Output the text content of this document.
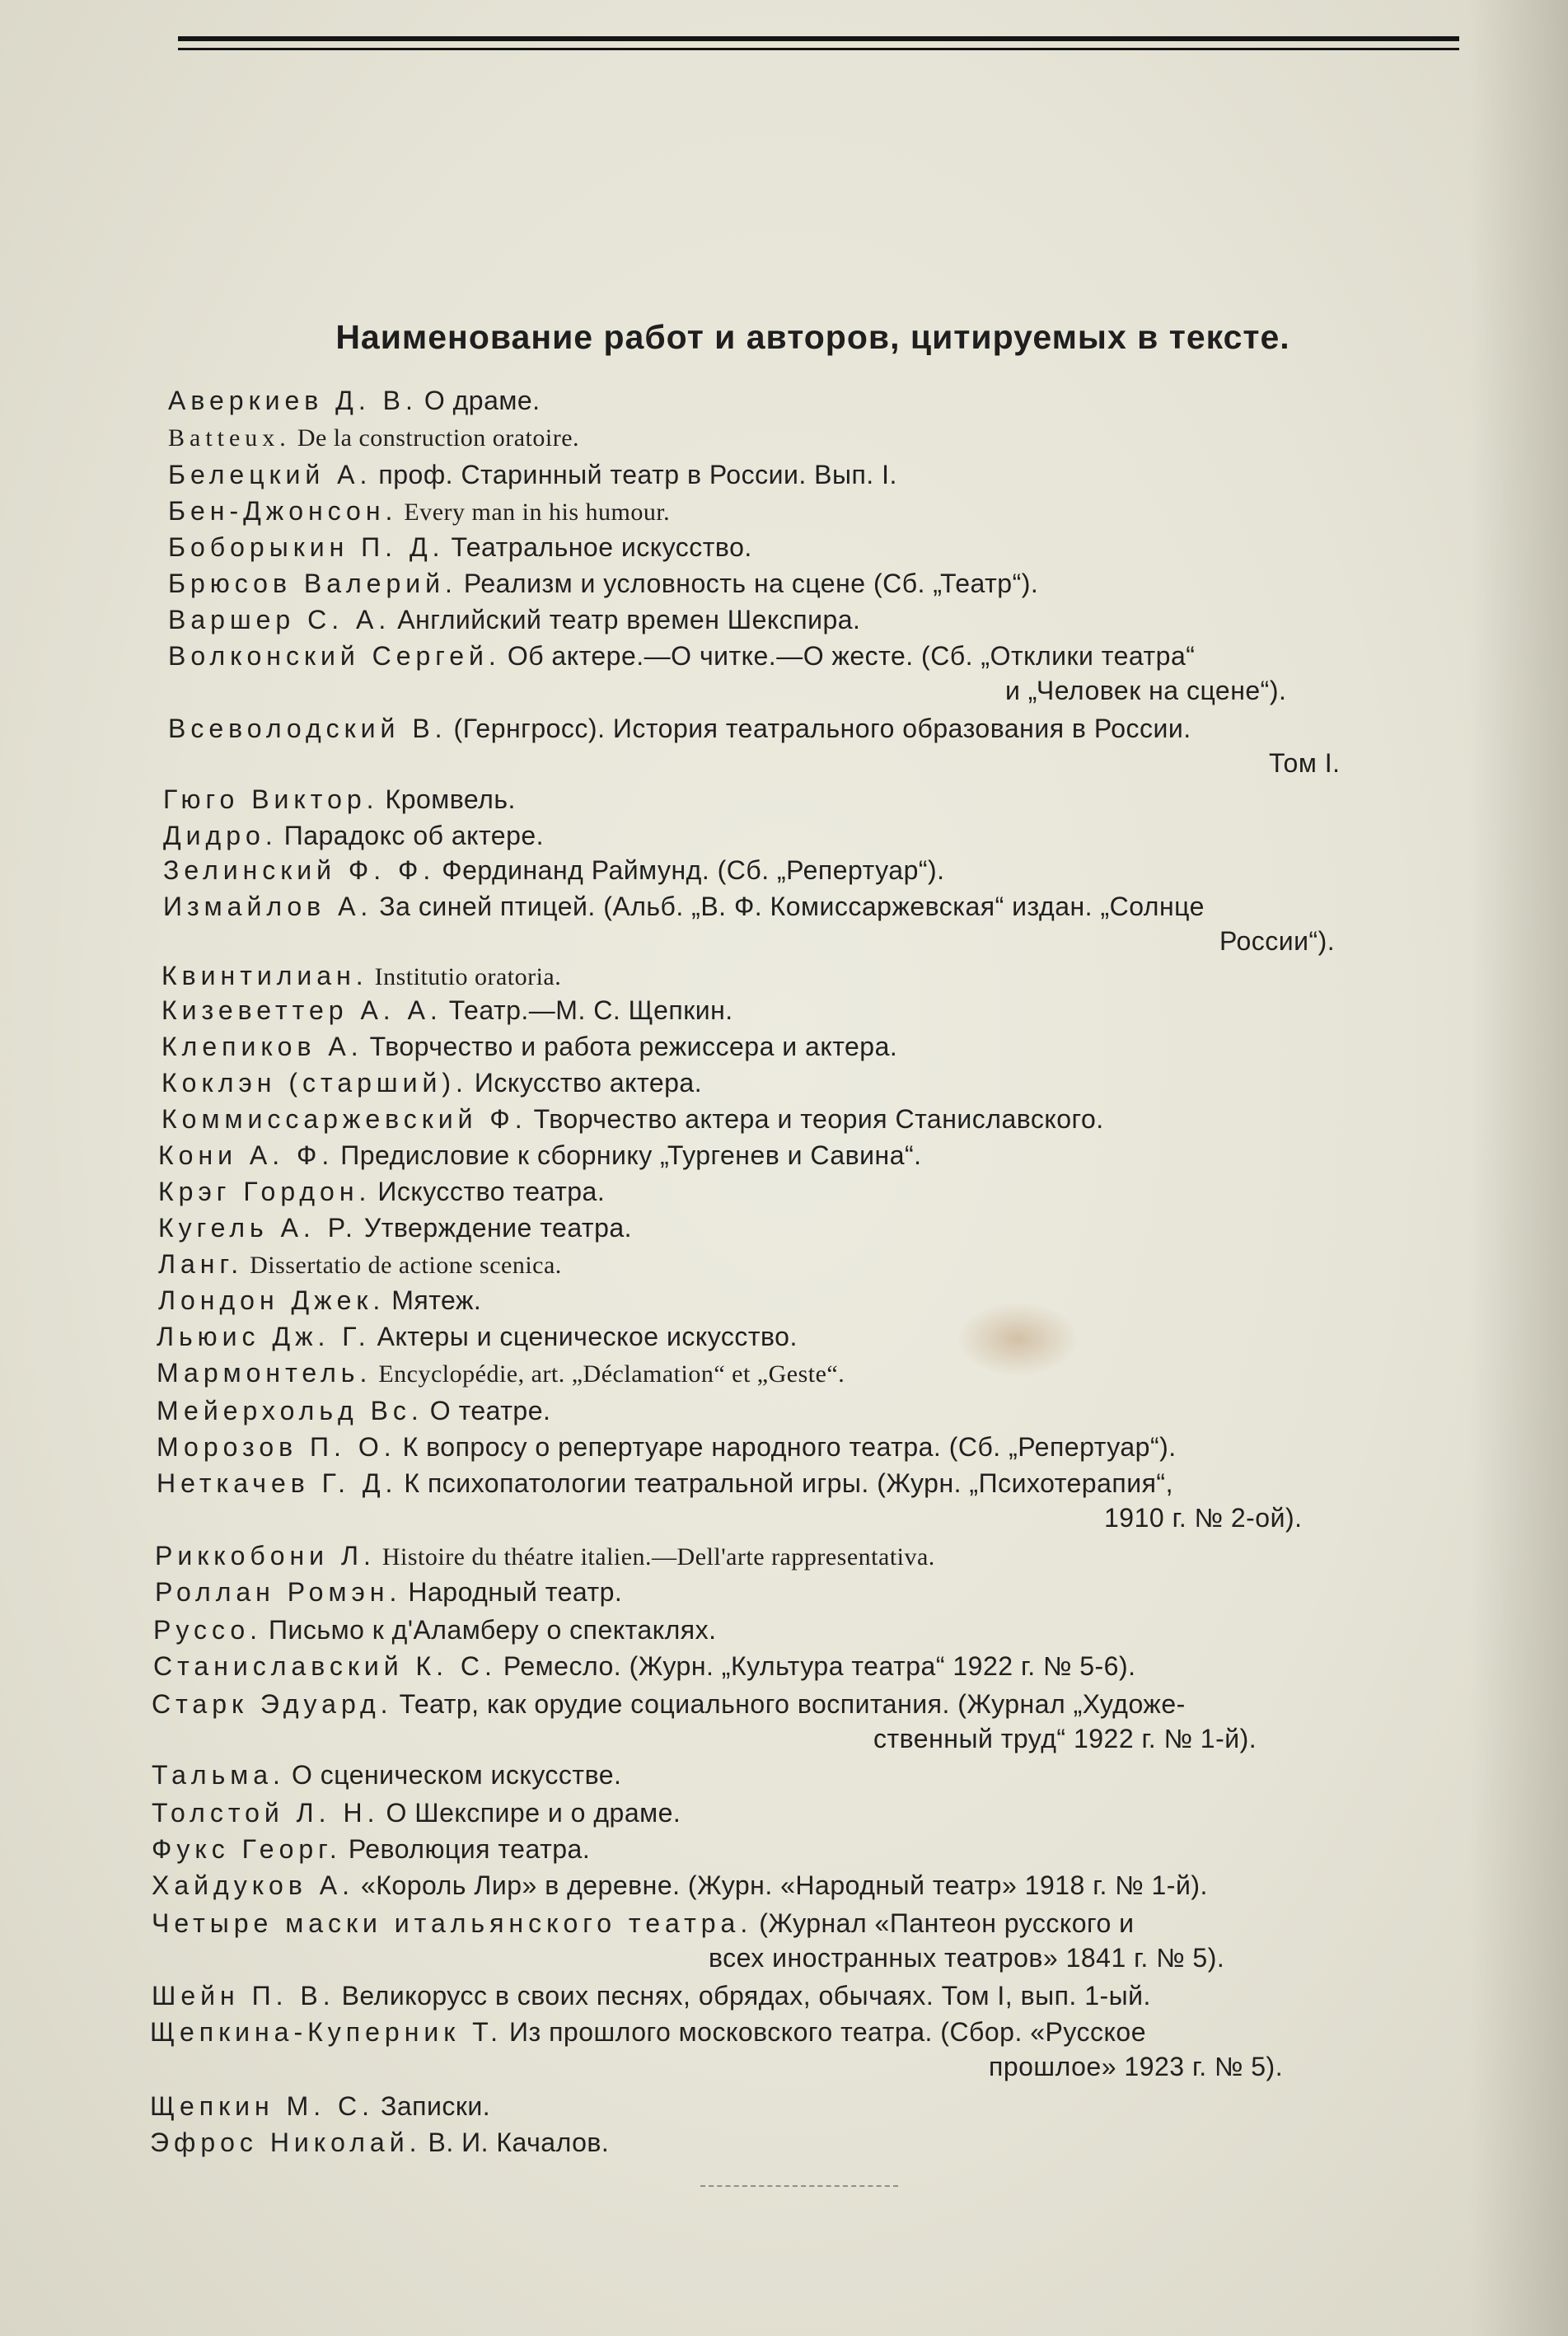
Наименование работ и авторов, цитируемых в тексте.
Аверкиев Д. В. О драме.
Batteux. De la construction oratoire.
Белецкий А. проф. Старинный театр в России. Вып. I.
Бен-Джонсон. Every man in his humour.
Боборыкин П. Д. Театральное искусство.
Брюсов Валерий. Реализм и условность на сцене (Сб. „Театр“).
Варшер С. А. Английский театр времен Шекспира.
Волконский Сергей. Об актере.—О читке.—О жесте. (Сб. „Отклики театра“
и „Человек на сцене“).
Всеволодский В. (Гернгросс). История театрального образования в России.
Том I.
Гюго Виктор. Кромвель.
Дидро. Парадокс об актере.
Зелинский Ф. Ф. Фердинанд Раймунд. (Сб. „Репертуар“).
Измайлов А. За синей птицей. (Альб. „В. Ф. Комиссаржевская“ издан. „Солнце
России“).
Квинтилиан. Institutio oratoria.
Кизеветтер А. А. Театр.—М. С. Щепкин.
Клепиков А. Творчество и работа режиссера и актера.
Коклэн (старший). Искусство актера.
Коммиссаржевский Ф. Творчество актера и теория Станиславского.
Кони А. Ф. Предисловие к сборнику „Тургенев и Савина“.
Крэг Гордон. Искусство театра.
Кугель А. Р. Утверждение театра.
Ланг. Dissertatio de actione scenica.
Лондон Джек. Мятеж.
Льюис Дж. Г. Актеры и сценическое искусство.
Мармонтель. Encyclopédie, art. „Déclamation“ et „Geste“.
Мейерхольд Вс. О театре.
Морозов П. О. К вопросу о репертуаре народного театра. (Сб. „Репертуар“).
Неткачев Г. Д. К психопатологии театральной игры. (Журн. „Психотерапия“,
1910 г. № 2-ой).
Риккобони Л. Histoire du théatre italien.—Dell'arte rappresentativa.
Роллан Ромэн. Народный театр.
Руссо. Письмо к д'Аламберу о спектаклях.
Станиславский К. С. Ремесло. (Журн. „Культура театра“ 1922 г. № 5-6).
Старк Эдуард. Театр, как орудие социального воспитания. (Журнал „Художе-
ственный труд“ 1922 г. № 1-й).
Тальма. О сценическом искусстве.
Толстой Л. Н. О Шекспире и о драме.
Фукс Георг. Революция театра.
Хайдуков А. «Король Лир» в деревне. (Журн. «Народный театр» 1918 г. № 1-й).
Четыре маски итальянского театра. (Журнал «Пантеон русского и
всех иностранных театров» 1841 г. № 5).
Шейн П. В. Великорусс в своих песнях, обрядах, обычаях. Том I, вып. 1-ый.
Щепкина-Куперник Т. Из прошлого московского театра. (Сбор. «Русское
прошлое» 1923 г. № 5).
Щепкин М. С. Записки.
Эфрос Николай. В. И. Качалов.
